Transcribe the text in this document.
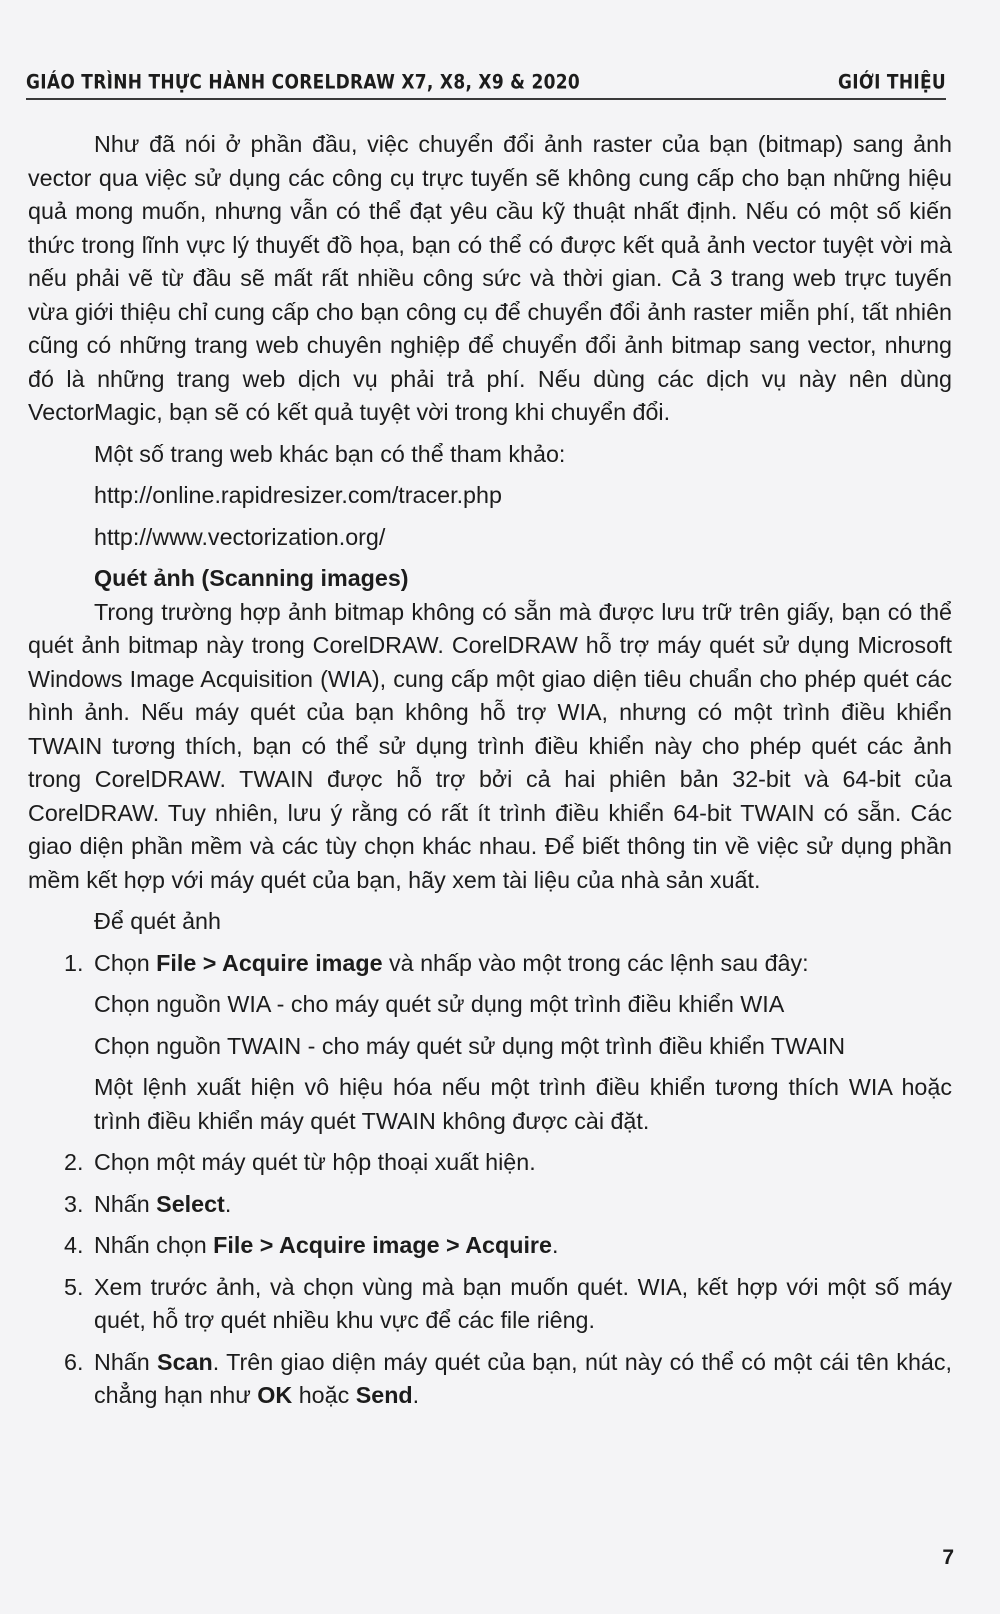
GIÁO TRÌNH THỰC HÀNH CORELDRAW X7, X8, X9 & 2020	GIỚI THIỆU

Như đã nói ở phần đầu, việc chuyển đổi ảnh raster của bạn (bitmap) sang ảnh vector qua việc sử dụng các công cụ trực tuyến sẽ không cung cấp cho bạn những hiệu quả mong muốn, nhưng vẫn có thể đạt yêu cầu kỹ thuật nhất định. Nếu có một số kiến thức trong lĩnh vực lý thuyết đồ họa, bạn có thể có được kết quả ảnh vector tuyệt vời mà nếu phải vẽ từ đầu sẽ mất rất nhiều công sức và thời gian. Cả 3 trang web trực tuyến vừa giới thiệu chỉ cung cấp cho bạn công cụ để chuyển đổi ảnh raster miễn phí, tất nhiên cũng có những trang web chuyên nghiệp để chuyển đổi ảnh bitmap sang vector, nhưng đó là những trang web dịch vụ phải trả phí. Nếu dùng các dịch vụ này nên dùng VectorMagic, bạn sẽ có kết quả tuyệt vời trong khi chuyển đổi.

Một số trang web khác bạn có thể tham khảo:

http://online.rapidresizer.com/tracer.php

http://www.vectorization.org/

Quét ảnh (Scanning images)

Trong trường hợp ảnh bitmap không có sẵn mà được lưu trữ trên giấy, bạn có thể quét ảnh bitmap này trong CorelDRAW. CorelDRAW hỗ trợ máy quét sử dụng Microsoft Windows Image Acquisition (WIA), cung cấp một giao diện tiêu chuẩn cho phép quét các hình ảnh. Nếu máy quét của bạn không hỗ trợ WIA, nhưng có một trình điều khiển TWAIN tương thích, bạn có thể sử dụng trình điều khiển này cho phép quét các ảnh trong CorelDRAW. TWAIN được hỗ trợ bởi cả hai phiên bản 32-bit và 64-bit của CorelDRAW. Tuy nhiên, lưu ý rằng có rất ít trình điều khiển 64-bit TWAIN có sẵn. Các giao diện phần mềm và các tùy chọn khác nhau. Để biết thông tin về việc sử dụng phần mềm kết hợp với máy quét của bạn, hãy xem tài liệu của nhà sản xuất.

Để quét ảnh

1. Chọn File > Acquire image và nhấp vào một trong các lệnh sau đây:

Chọn nguồn WIA - cho máy quét sử dụng một trình điều khiển WIA

Chọn nguồn TWAIN - cho máy quét sử dụng một trình điều khiển TWAIN

Một lệnh xuất hiện vô hiệu hóa nếu một trình điều khiển tương thích WIA hoặc trình điều khiển máy quét TWAIN không được cài đặt.

2. Chọn một máy quét từ hộp thoại xuất hiện.
3. Nhấn Select.
4. Nhấn chọn File > Acquire image > Acquire.
5. Xem trước ảnh, và chọn vùng mà bạn muốn quét. WIA, kết hợp với một số máy quét, hỗ trợ quét nhiều khu vực để các file riêng.
6. Nhấn Scan. Trên giao diện máy quét của bạn, nút này có thể có một cái tên khác, chẳng hạn như OK hoặc Send.
7
